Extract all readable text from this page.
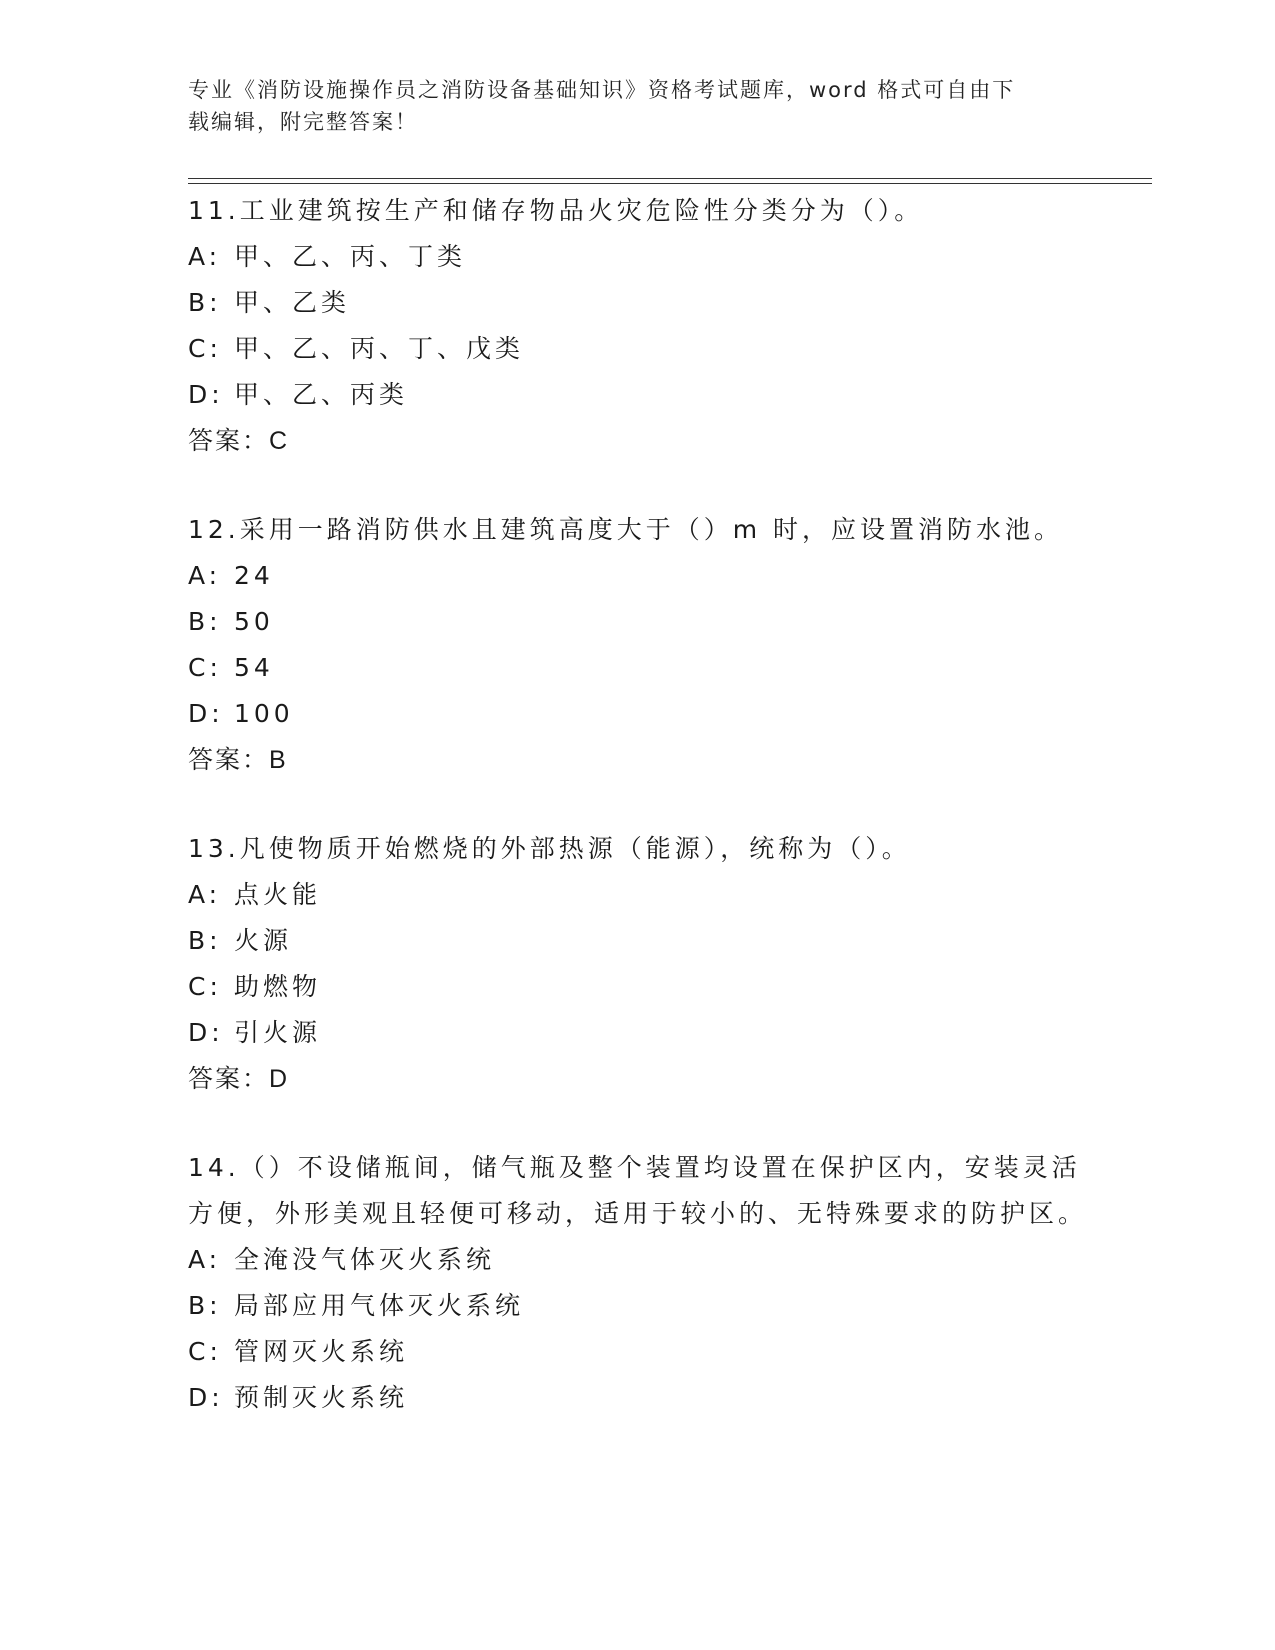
专业《消防设施操作员之消防设备基础知识》资格考试题库，word 格式可自由下
载编辑，附完整答案！

11.工业建筑按生产和储存物品火灾危险性分类分为（）。

A: 甲、乙、丙、丁类

B: 甲、乙类

C: 甲、乙、丙、丁、戊类

D: 甲、乙、丙类

答案：C

12.采用一路消防供水且建筑高度大于（）m 时，应设置消防水池。

A: 24

B: 50

C: 54

D: 100

答案：B

13.凡使物质开始燃烧的外部热源（能源），统称为（）。

A: 点火能

B: 火源

C: 助燃物

D: 引火源

答案：D

14.（）不设储瓶间，储气瓶及整个装置均设置在保护区内，安装灵活方便，外形美观且轻便可移动，适用于较小的、无特殊要求的防护区。

A: 全淹没气体灭火系统

B: 局部应用气体灭火系统

C: 管网灭火系统

D: 预制灭火系统
